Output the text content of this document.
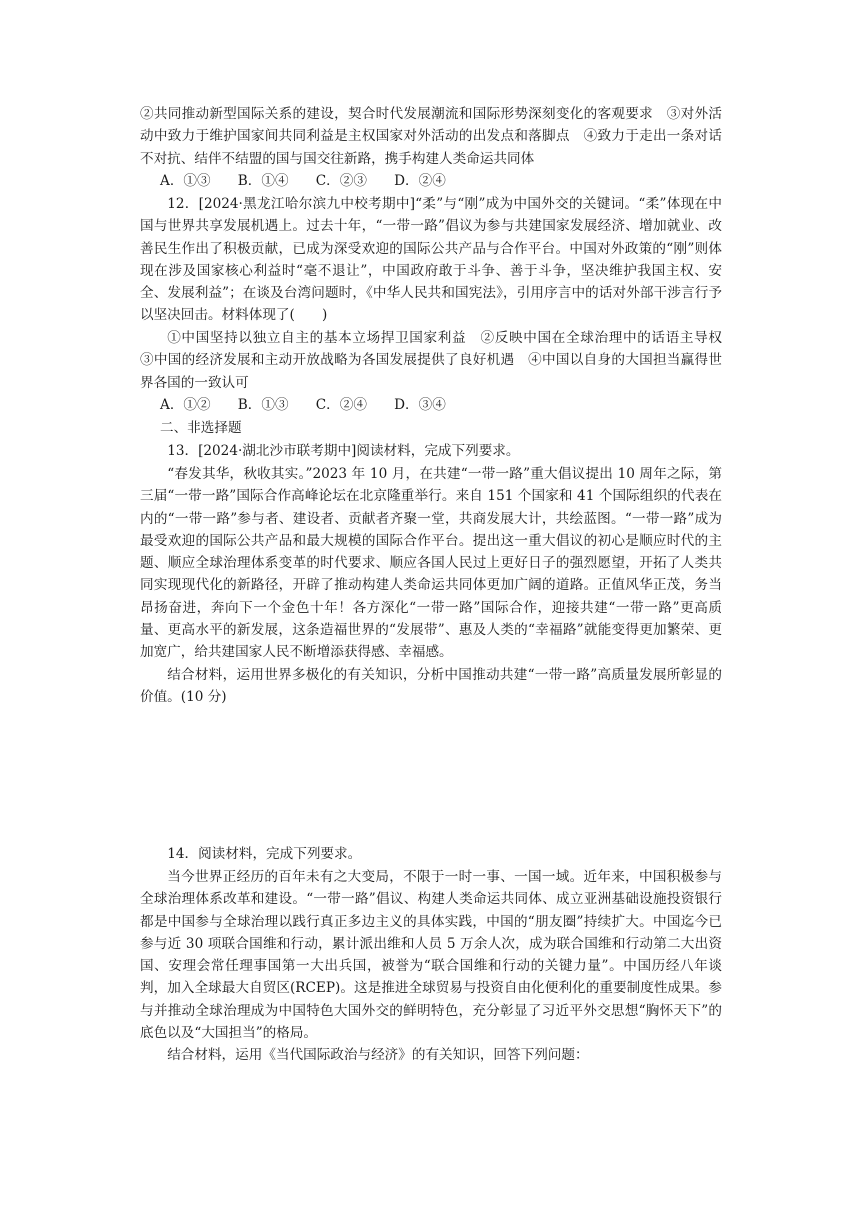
②共同推动新型国际关系的建设，契合时代发展潮流和国际形势深刻变化的客观要求　③对外活动中致力于维护国家间共同利益是主权国家对外活动的出发点和落脚点　④致力于走出一条对话不对抗、结伴不结盟的国与国交往新路，携手构建人类命运共同体

A．①③　　B．①④　　C．②③　　D．②④

12．[2024·黑龙江哈尔滨九中校考期中]“柔”与“刚”成为中国外交的关键词。“柔”体现在中国与世界共享发展机遇上。过去十年，“一带一路”倡议为参与共建国家发展经济、增加就业、改善民生作出了积极贡献，已成为深受欢迎的国际公共产品与合作平台。中国对外政策的“刚”则体现在涉及国家核心利益时“毫不退让”，中国政府敢于斗争、善于斗争，坚决维护我国主权、安全、发展利益”；在谈及台湾问题时，《中华人民共和国宪法》，引用序言中的话对外部干涉言行予以坚决回击。材料体现了(　　)

①中国坚持以独立自主的基本立场捍卫国家利益　②反映中国在全球治理中的话语主导权　③中国的经济发展和主动开放战略为各国发展提供了良好机遇　④中国以自身的大国担当赢得世界各国的一致认可

A．①②　　B．①③　　C．②④　　D．③④

二、非选择题

13．[2024·湖北沙市联考期中]阅读材料，完成下列要求。

“春发其华，秋收其实。”2023 年 10 月，在共建“一带一路”重大倡议提出 10 周年之际，第三届“一带一路”国际合作高峰论坛在北京隆重举行。来自 151 个国家和 41 个国际组织的代表在内的“一带一路”参与者、建设者、贡献者齐聚一堂，共商发展大计，共绘蓝图。“一带一路”成为最受欢迎的国际公共产品和最大规模的国际合作平台。提出这一重大倡议的初心是顺应时代的主题、顺应全球治理体系变革的时代要求、顺应各国人民过上更好日子的强烈愿望，开拓了人类共同实现现代化的新路径，开辟了推动构建人类命运共同体更加广阔的道路。正值风华正茂，务当昂扬奋进，奔向下一个金色十年！各方深化“一带一路”国际合作，迎接共建“一带一路”更高质量、更高水平的新发展，这条造福世界的“发展带”、惠及人类的“幸福路”就能变得更加繁荣、更加宽广，给共建国家人民不断增添获得感、幸福感。

结合材料，运用世界多极化的有关知识，分析中国推动共建“一带一路”高质量发展所彰显的价值。(10 分)

14．阅读材料，完成下列要求。

当今世界正经历的百年未有之大变局，不限于一时一事、一国一域。近年来，中国积极参与全球治理体系改革和建设。“一带一路”倡议、构建人类命运共同体、成立亚洲基础设施投资银行都是中国参与全球治理以践行真正多边主义的具体实践，中国的“朋友圈”持续扩大。中国迄今已参与近 30 项联合国维和行动，累计派出维和人员 5 万余人次，成为联合国维和行动第二大出资国、安理会常任理事国第一大出兵国，被誉为“联合国维和行动的关键力量”。中国历经八年谈判，加入全球最大自贸区(RCEP)。这是推进全球贸易与投资自由化便利化的重要制度性成果。参与并推动全球治理成为中国特色大国外交的鲜明特色，充分彰显了习近平外交思想“胸怀天下”的底色以及“大国担当”的格局。

结合材料，运用《当代国际政治与经济》的有关知识，回答下列问题：
